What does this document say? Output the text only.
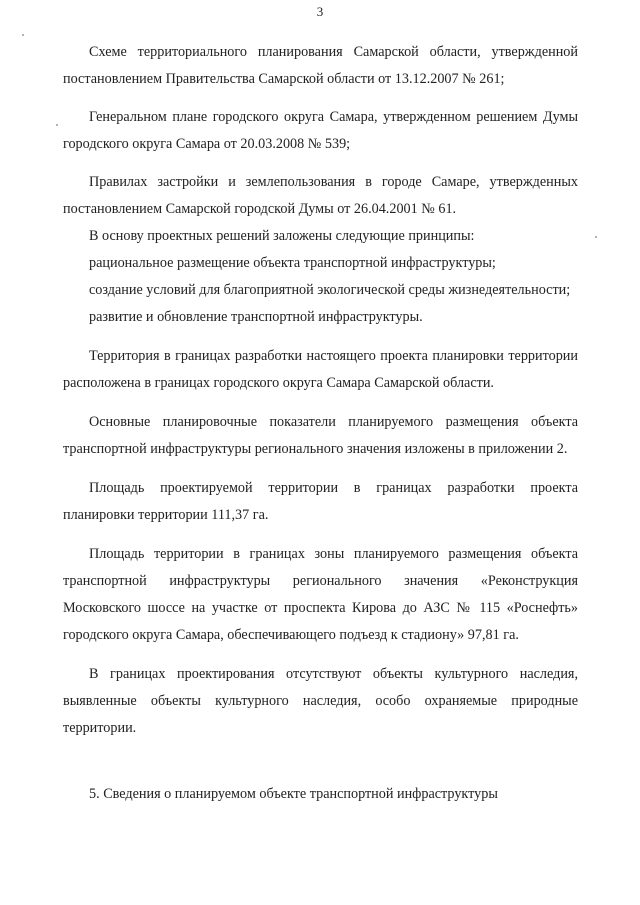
3

Схеме территориального планирования Самарской области, утвержденной постановлением Правительства Самарской области от 13.12.2007 № 261;

Генеральном плане городского округа Самара, утвержденном решением Думы городского округа Самара от 20.03.2008 № 539;

Правилах застройки и землепользования в городе Самаре, утвержденных постановлением Самарской городской Думы от 26.04.2001 № 61.

В основу проектных решений заложены следующие принципы:

рациональное размещение объекта транспортной инфраструктуры;

создание условий для благоприятной экологической среды жизнедеятельности;

развитие и обновление транспортной инфраструктуры.

Территория в границах разработки настоящего проекта планировки территории расположена в границах городского округа Самара Самарской области.

Основные планировочные показатели планируемого размещения объекта транспортной инфраструктуры регионального значения изложены в приложении 2.

Площадь проектируемой территории в границах разработки проекта планировки территории 111,37 га.

Площадь территории в границах зоны планируемого размещения объекта транспортной инфраструктуры регионального значения «Реконструкция Московского шоссе на участке от проспекта Кирова до АЗС № 115 «Роснефть» городского округа Самара, обеспечивающего подъезд к стадиону» 97,81 га.

В границах проектирования отсутствуют объекты культурного наследия, выявленные объекты культурного наследия, особо охраняемые природные территории.

5. Сведения о планируемом объекте транспортной инфраструктуры
